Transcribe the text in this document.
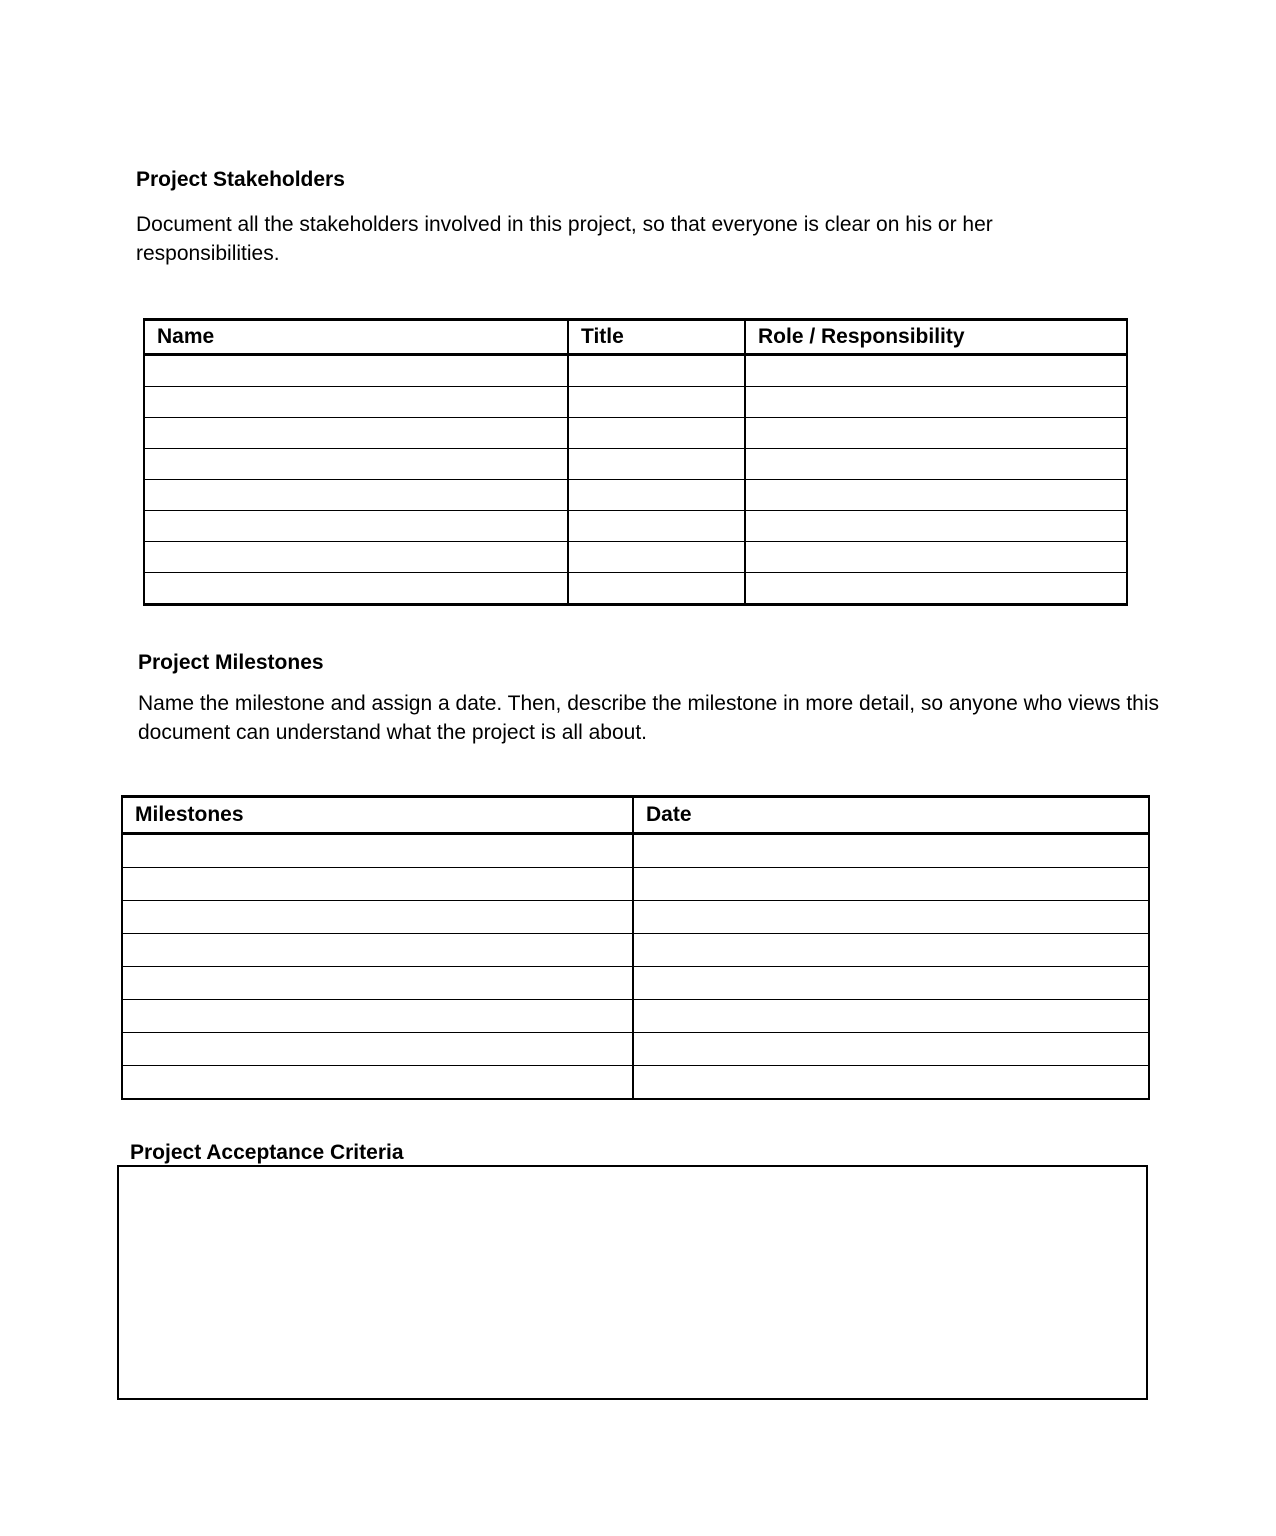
Project Stakeholders

Document all the stakeholders involved in this project, so that everyone is clear on his or her responsibilities.

Name	Title	Role / Responsibility

Project Milestones

Name the milestone and assign a date. Then, describe the milestone in more detail, so anyone who views this document can understand what the project is all about.

Milestones	Date

Project Acceptance Criteria
